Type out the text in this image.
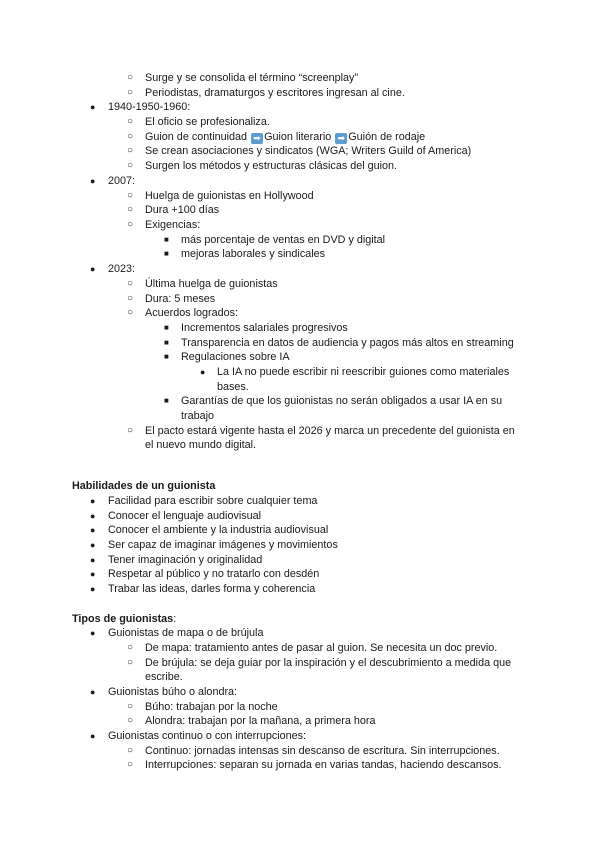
○ Surge y se consolida el término “screenplay”
○ Periodistas, dramaturgos y escritores ingresan al cine.
● 1940-1950-1960:
○ El oficio se profesionaliza.
○ Guion de continuidad ➡ Guion literario ➡ Guión de rodaje
○ Se crean asociaciones y sindicatos (WGA; Writers Guild of America)
○ Surgen los métodos y estructuras clásicas del guion.
● 2007:
○ Huelga de guionistas en Hollywood
○ Dura +100 días
○ Exigencias:
■ más porcentaje de ventas en DVD y digital
■ mejoras laborales y sindicales
● 2023:
○ Última huelga de guionistas
○ Dura: 5 meses
○ Acuerdos logrados:
■ Incrementos salariales progresivos
■ Transparencia en datos de audiencia y pagos más altos en streaming
■ Regulaciones sobre IA
● La IA no puede escribir ni reescribir guiones como materiales
bases.
■ Garantías de que los guionistas no serán obligados a usar IA en su
trabajo
○ El pacto estará vigente hasta el 2026 y marca un precedente del guionista en
el nuevo mundo digital.
Habilidades de un guionista
● Facilidad para escribir sobre cualquier tema
● Conocer el lenguaje audiovisual
● Conocer el ambiente y la industria audiovisual
● Ser capaz de imaginar imágenes y movimientos
● Tener imaginación y originalidad
● Respetar al público y no tratarlo con desdén
● Trabar las ideas, darles forma y coherencia
Tipos de guionistas:
● Guionistas de mapa o de brújula
○ De mapa: tratamiento antes de pasar al guion. Se necesita un doc previo.
○ De brújula: se deja guiar por la inspiración y el descubrimiento a medida que
escribe.
● Guionistas búho o alondra:
○ Búho: trabajan por la noche
○ Alondra: trabajan por la mañana, a primera hora
● Guionistas continuo o con interrupciones:
○ Continuo: jornadas intensas sin descanso de escritura. Sin interrupciones.
○ Interrupciones: separan su jornada en varias tandas, haciendo descansos.
